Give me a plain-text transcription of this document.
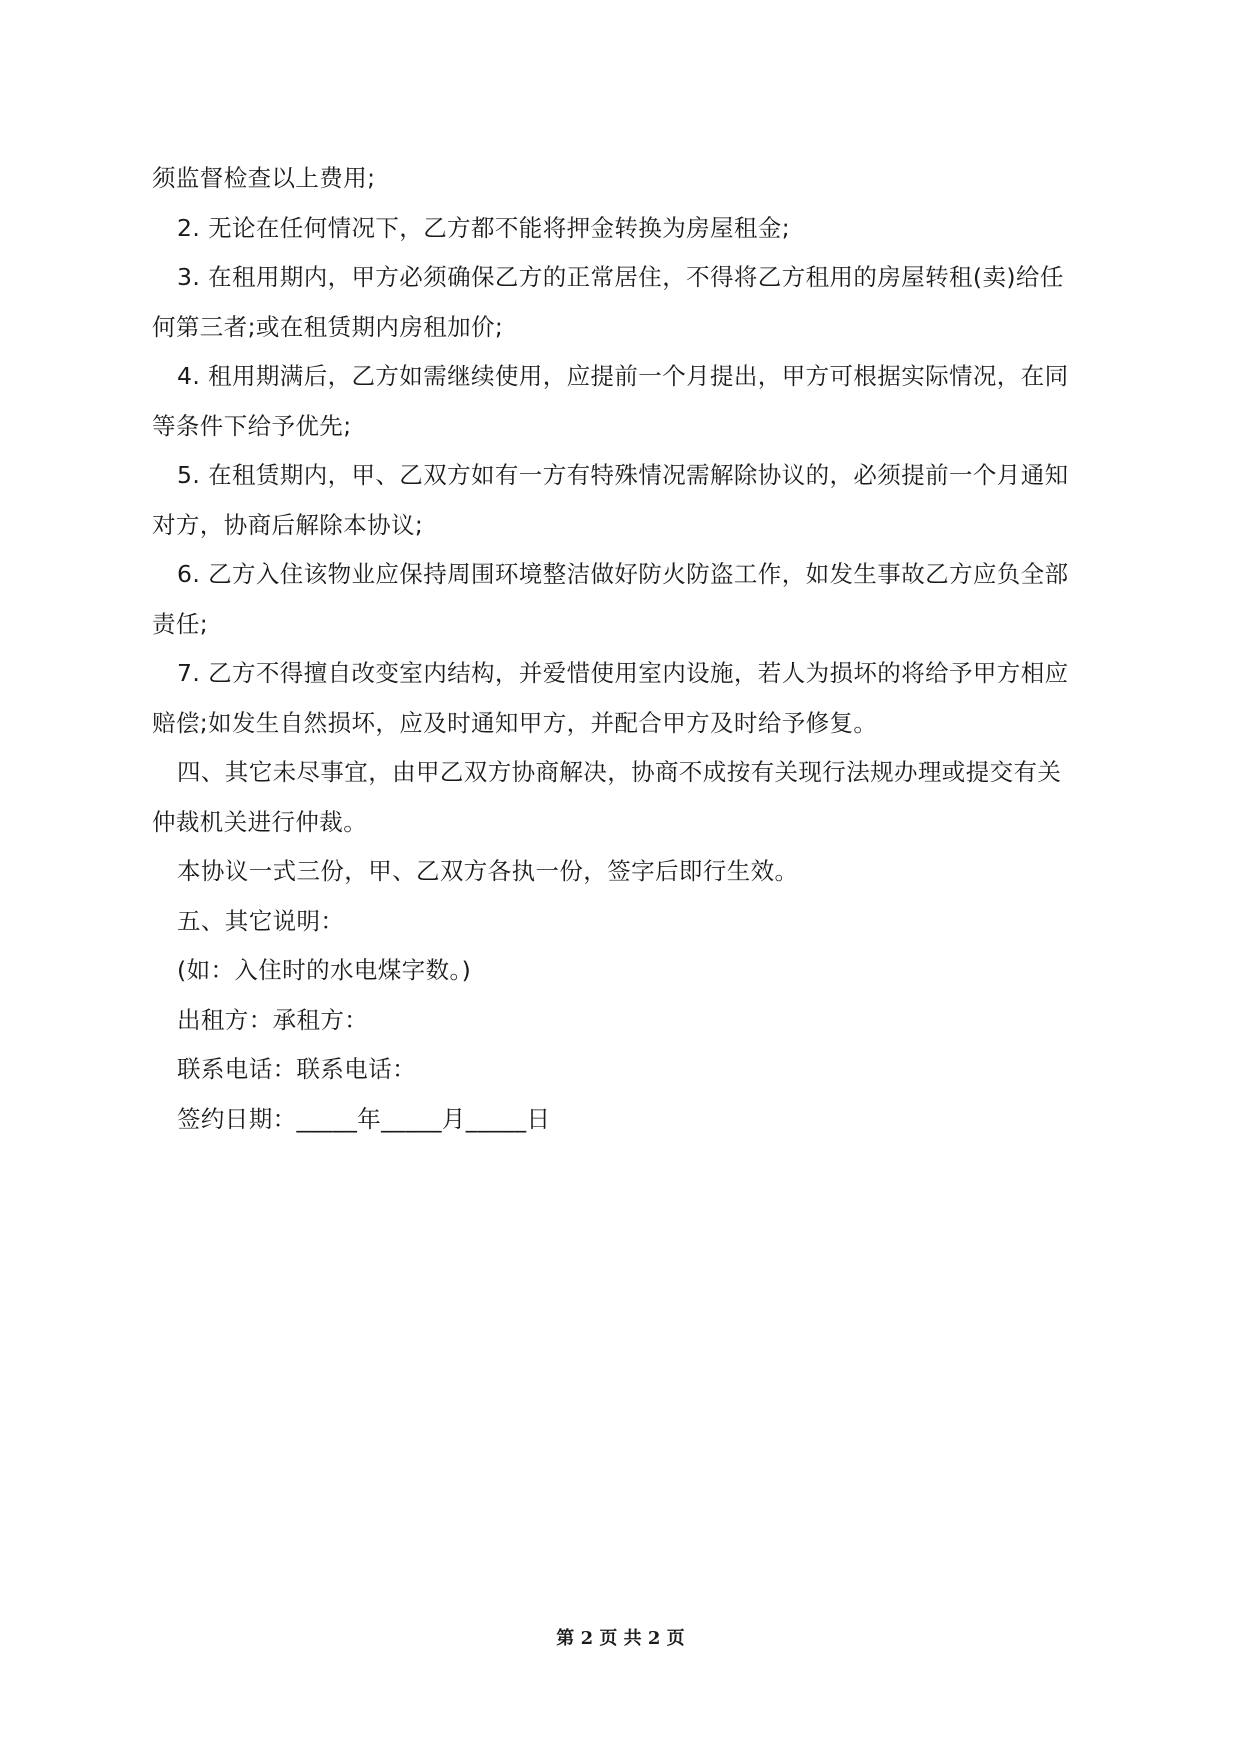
须监督检查以上费用;

2. 无论在任何情况下，乙方都不能将押金转换为房屋租金;

3. 在租用期内，甲方必须确保乙方的正常居住，不得将乙方租用的房屋转租(卖)给任

何第三者;或在租赁期内房租加价;

4. 租用期满后，乙方如需继续使用，应提前一个月提出，甲方可根据实际情况，在同

等条件下给予优先;

5. 在租赁期内，甲、乙双方如有一方有特殊情况需解除协议的，必须提前一个月通知

对方，协商后解除本协议;

6. 乙方入住该物业应保持周围环境整洁做好防火防盗工作，如发生事故乙方应负全部

责任;

7. 乙方不得擅自改变室内结构，并爱惜使用室内设施，若人为损坏的将给予甲方相应

赔偿;如发生自然损坏，应及时通知甲方，并配合甲方及时给予修复。

四、其它未尽事宜，由甲乙双方协商解决，协商不成按有关现行法规办理或提交有关

仲裁机关进行仲裁。

本协议一式三份，甲、乙双方各执一份，签字后即行生效。

五、其它说明：

(如：入住时的水电煤字数。)

出租方：承租方：

联系电话：联系电话：

签约日期：_____年_____月_____日

第 2 页 共 2 页
